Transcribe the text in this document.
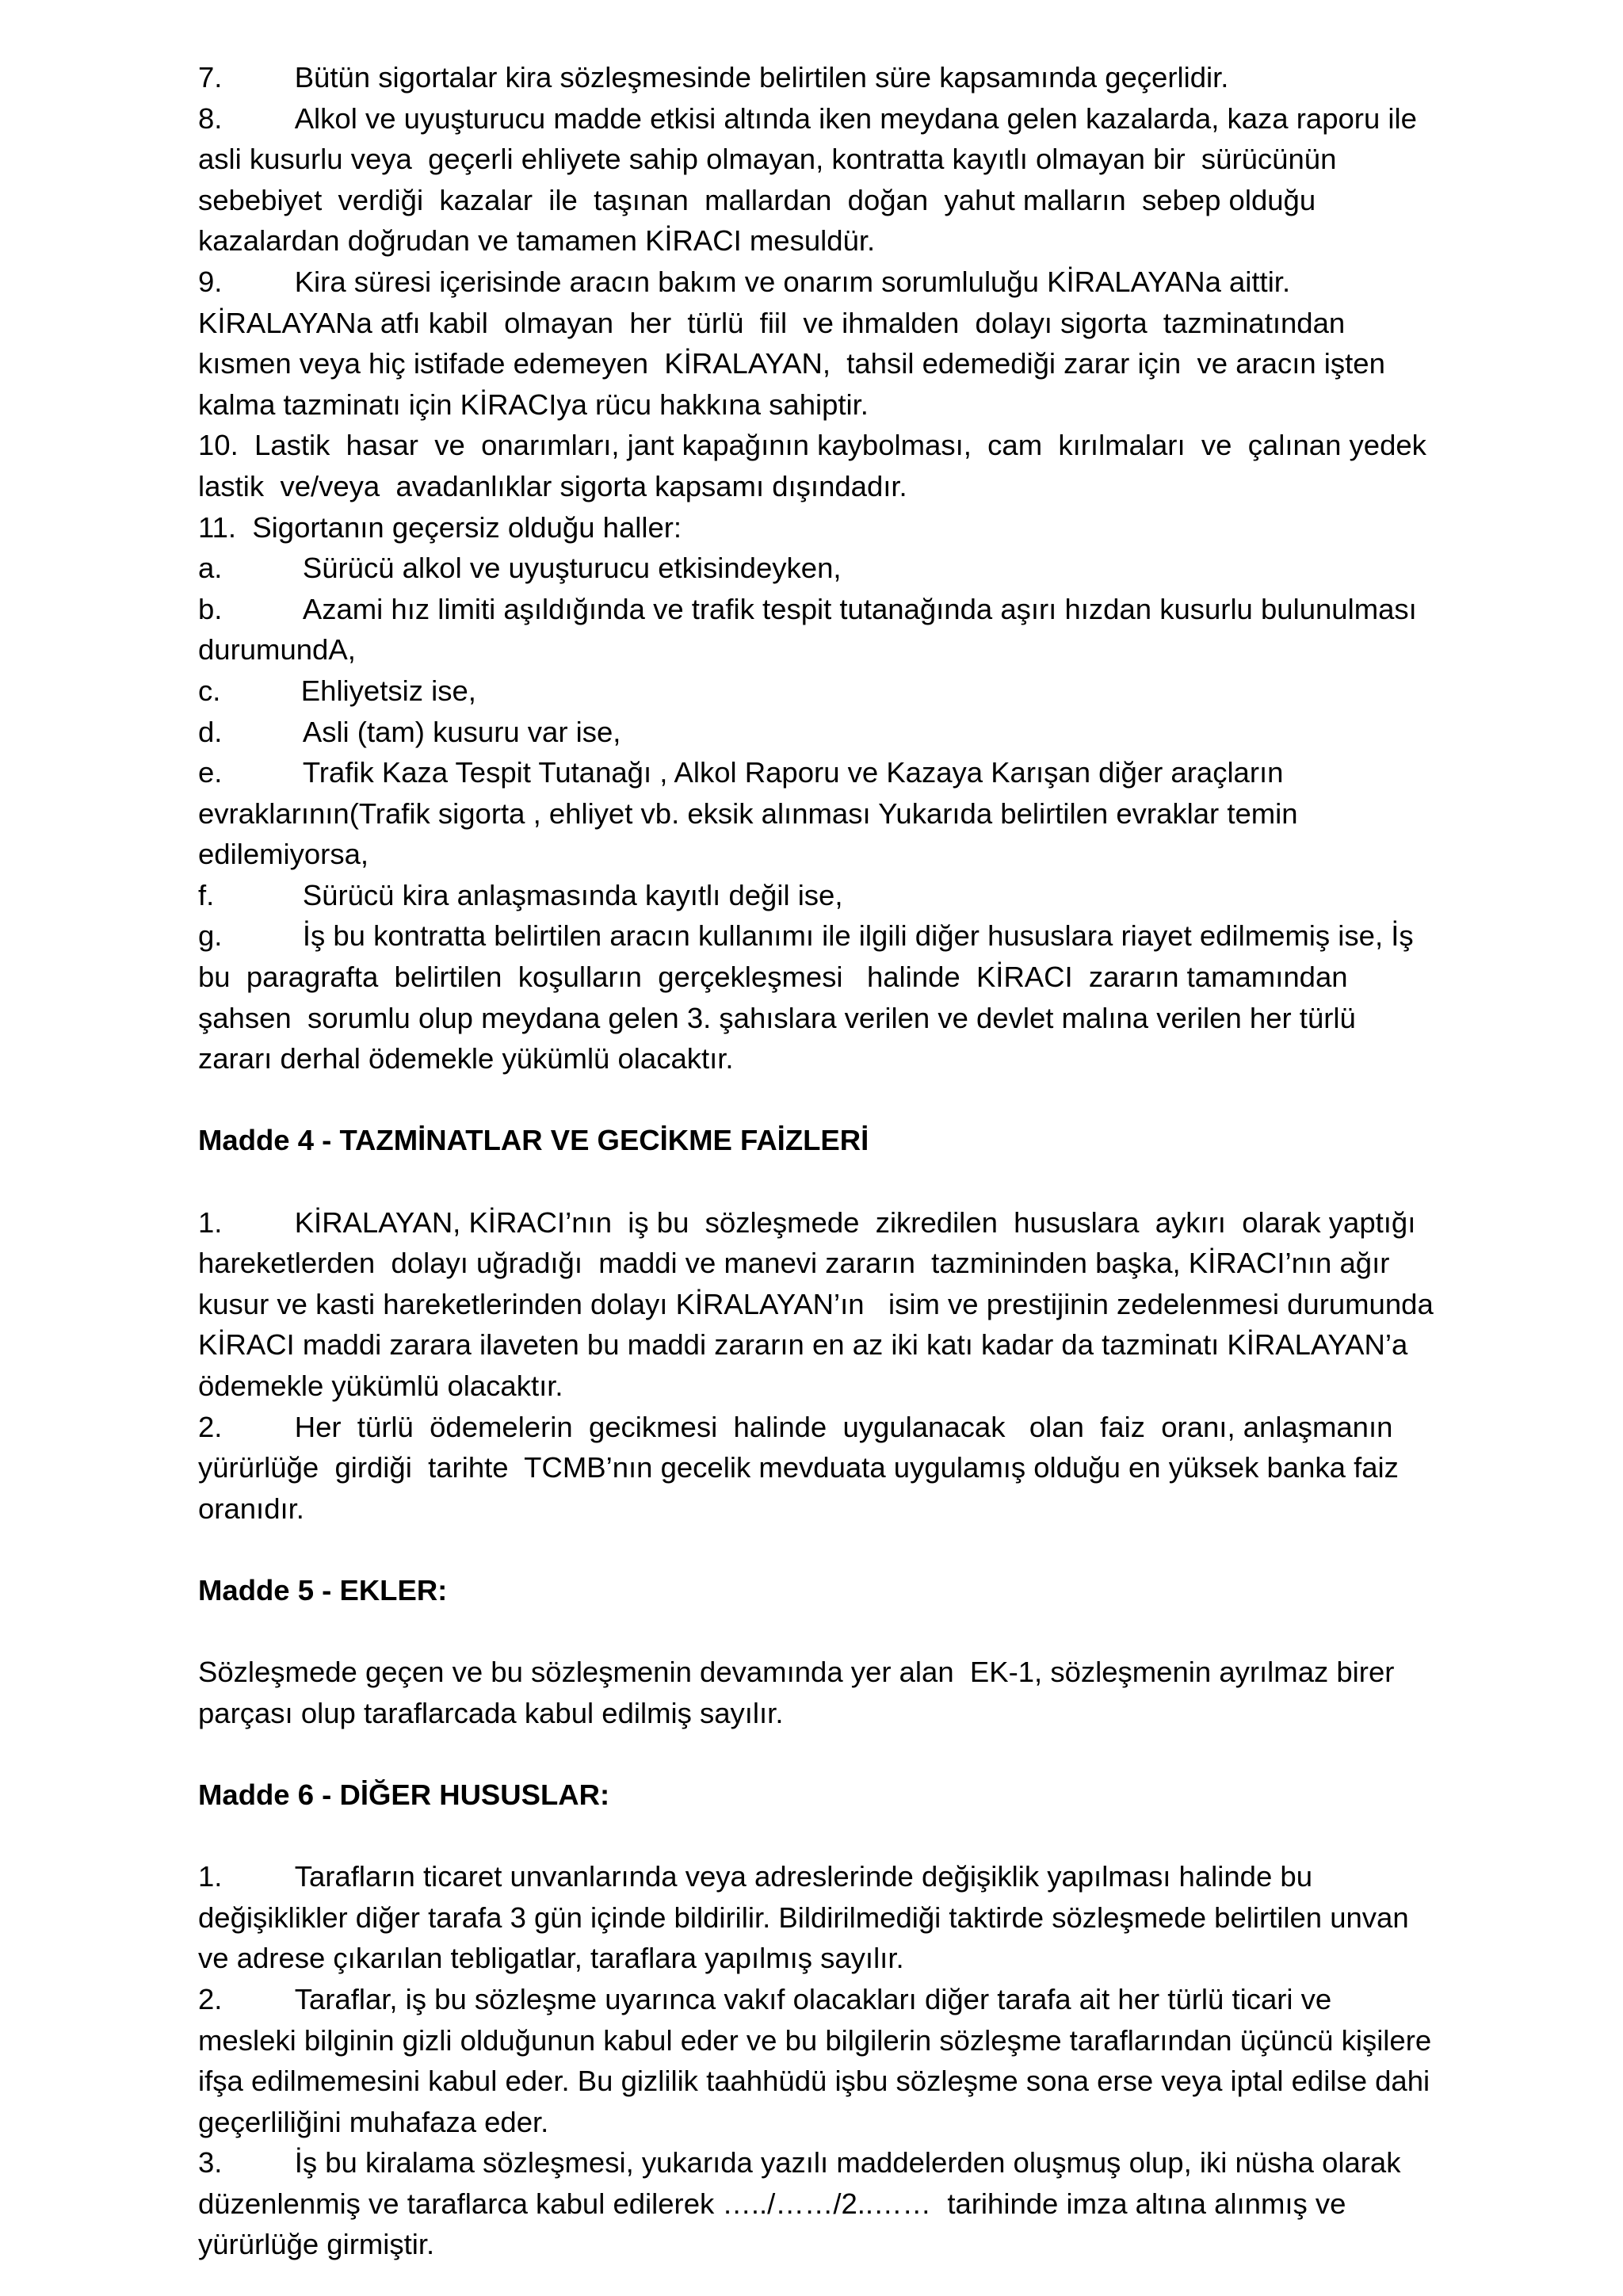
7.         Bütün sigortalar kira sözleşmesinde belirtilen süre kapsamında geçerlidir.

8.         Alkol ve uyuşturucu madde etkisi altında iken meydana gelen kazalarda, kaza raporu ile asli kusurlu veya  geçerli ehliyete sahip olmayan, kontratta kayıtlı olmayan bir  sürücünün sebebiyet  verdiği  kazalar  ile  taşınan  mallardan  doğan  yahut malların  sebep olduğu kazalardan doğrudan ve tamamen KİRACI mesuldür.

9.         Kira süresi içerisinde aracın bakım ve onarım sorumluluğu KİRALAYANa aittir. KİRALAYANa atfı kabil  olmayan  her  türlü  fiil  ve ihmalden  dolayı sigorta  tazminatından kısmen veya hiç istifade edemeyen  KİRALAYAN,  tahsil edemediği zarar için  ve aracın işten kalma tazminatı için KİRACIya rücu hakkına sahiptir.

10.  Lastik  hasar  ve  onarımları, jant kapağının kaybolması,  cam  kırılmaları  ve  çalınan yedek  lastik  ve/veya  avadanlıklar sigorta kapsamı dışındadır.

11.  Sigortanın geçersiz olduğu haller:

a.          Sürücü alkol ve uyuşturucu etkisindeyken,

b.          Azami hız limiti aşıldığında ve trafik tespit tutanağında aşırı hızdan kusurlu bulunulması durumundA,

c.          Ehliyetsiz ise,

d.          Asli (tam) kusuru var ise,

e.          Trafik Kaza Tespit Tutanağı , Alkol Raporu ve Kazaya Karışan diğer araçların evraklarının(Trafik sigorta , ehliyet vb. eksik alınması Yukarıda belirtilen evraklar temin edilemiyorsa,

f.           Sürücü kira anlaşmasında kayıtlı değil ise,

g.          İş bu kontratta belirtilen aracın kullanımı ile ilgili diğer hususlara riayet edilmemiş ise, İş bu  paragrafta  belirtilen  koşulların  gerçekleşmesi   halinde  KİRACI  zararın tamamından  şahsen  sorumlu olup meydana gelen 3. şahıslara verilen ve devlet malına verilen her türlü zararı derhal ödemekle yükümlü olacaktır.

Madde 4 - TAZMİNATLAR VE GECİKME FAİZLERİ

1.         KİRALAYAN, KİRACI’nın  iş bu  sözleşmede  zikredilen  hususlara  aykırı  olarak yaptığı  hareketlerden  dolayı uğradığı  maddi ve manevi zararın  tazmininden başka, KİRACI’nın ağır  kusur ve kasti hareketlerinden dolayı KİRALAYAN’ın   isim ve prestijinin zedelenmesi durumunda KİRACI maddi zarara ilaveten bu maddi zararın en az iki katı kadar da tazminatı KİRALAYAN’a ödemekle yükümlü olacaktır.

2.         Her  türlü  ödemelerin  gecikmesi  halinde  uygulanacak   olan  faiz  oranı, anlaşmanın  yürürlüğe  girdiği  tarihte  TCMB’nın gecelik mevduata uygulamış olduğu en yüksek banka faiz oranıdır.

Madde 5 - EKLER:

Sözleşmede geçen ve bu sözleşmenin devamında yer alan  EK-1, sözleşmenin ayrılmaz birer parçası olup taraflarcada kabul edilmiş sayılır.

Madde 6 - DİĞER HUSUSLAR:

1.         Tarafların ticaret unvanlarında veya adreslerinde değişiklik yapılması halinde bu değişiklikler diğer tarafa 3 gün içinde bildirilir. Bildirilmediği taktirde sözleşmede belirtilen unvan ve adrese çıkarılan tebligatlar, taraflara yapılmış sayılır.

2.         Taraflar, iş bu sözleşme uyarınca vakıf olacakları diğer tarafa ait her türlü ticari ve mesleki bilginin gizli olduğunun kabul eder ve bu bilgilerin sözleşme taraflarından üçüncü kişilere ifşa edilmemesini kabul eder. Bu gizlilik taahhüdü işbu sözleşme sona erse veya iptal edilse dahi geçerliliğini muhafaza eder.

3.         İş bu kiralama sözleşmesi, yukarıda yazılı maddelerden oluşmuş olup, iki nüsha olarak düzenlenmiş ve taraflarca kabul edilerek …../……/2..……  tarihinde imza altına alınmış ve yürürlüğe girmiştir.
